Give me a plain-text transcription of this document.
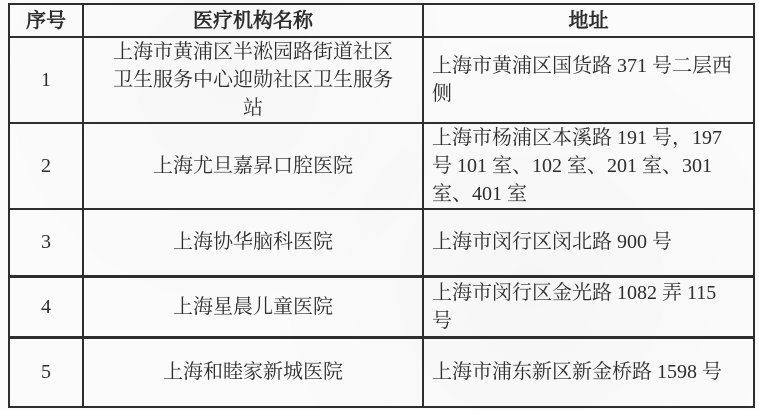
序号	医疗机构名称	地址
1	上海市黄浦区半淞园路街道社区卫生服务中心迎勋社区卫生服务站	上海市黄浦区国货路 371 号二层西侧
2	上海尤旦嘉昇口腔医院	上海市杨浦区本溪路 191 号，197 号 101 室、102 室、201 室、301 室、401 室
3	上海协华脑科医院	上海市闵行区闵北路 900 号
4	上海星晨儿童医院	上海市闵行区金光路 1082 弄 115 号
5	上海和睦家新城医院	上海市浦东新区新金桥路 1598 号
